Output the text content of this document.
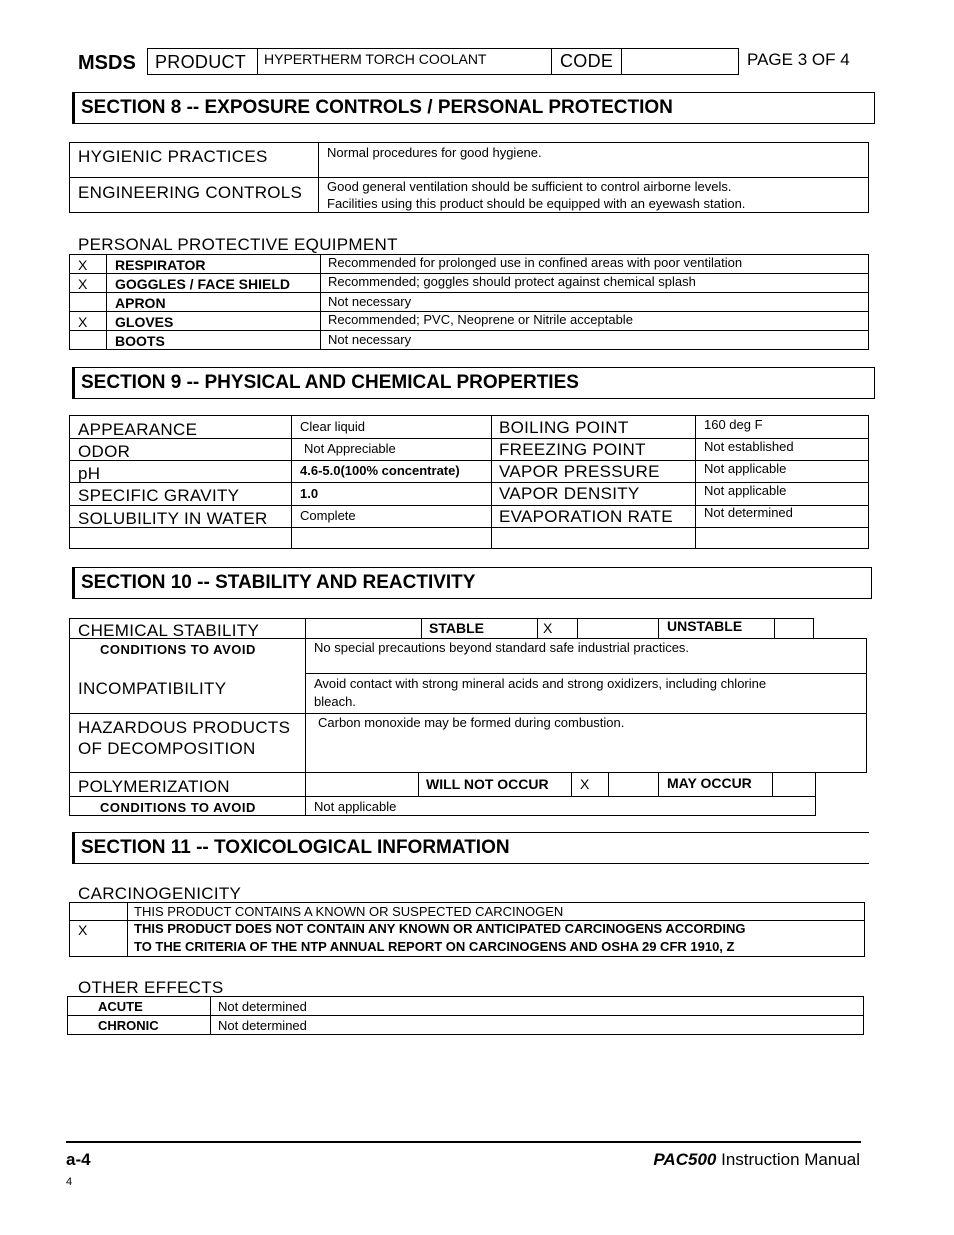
MSDS PRODUCT HYPERTHERM TORCH COOLANT	CODE	PAGE 3 OF 4
SECTION 8 -- EXPOSURE CONTROLS / PERSONAL PROTECTION
HYGIENIC PRACTICES	Normal procedures for good hygiene.
ENGINEERING CONTROLS Good general ventilation should be sufficient to control airborne levels.
Facilities using this product should be equipped with an eyewash station.
PERSONAL PROTECTIVE EQUIPMENT
X RESPIRATOR	Recommended for prolonged use in confined areas with poor ventilation
X GOGGLES / FACE SHIELD	Recommended; goggles should protect against chemical splash
APRON	Not necessary
X GLOVES	Recommended; PVC, Neoprene or Nitrile acceptable
BOOTS	Not necessary
SECTION 9 -- PHYSICAL AND CHEMICAL PROPERTIES
APPEARANCE	Clear liquid	BOILING POINT	160 deg F
ODOR	Not Appreciable	FREEZING POINT	Not established
pH	4.6-5.0(100% concentrate) VAPOR PRESSURE	Not applicable
SPECIFIC GRAVITY	1.0	VAPOR DENSITY	Not applicable
SOLUBILITY IN WATER Complete	EVAPORATION RATE Not determined
SECTION 10 -- STABILITY AND REACTIVITY
CHEMICAL STABILITY	STABLE	X	UNSTABLE
CONDITIONS TO AVOID	No special precautions beyond standard safe industrial practices.
INCOMPATIBILITY	Avoid contact with strong mineral acids and strong oxidizers, including chlorine
bleach.
HAZARDOUS PRODUCTS
OF DECOMPOSITION
Carbon monoxide may be formed during combustion.
POLYMERIZATION	WILL NOT OCCUR X	MAY OCCUR
CONDITIONS TO AVOID	Not applicable
SECTION 11 -- TOXICOLOGICAL INFORMATION
CARCINOGENICITY
THIS PRODUCT CONTAINS A KNOWN OR SUSPECTED CARCINOGEN
X	THIS PRODUCT DOES NOT CONTAIN ANY KNOWN OR ANTICIPATED CARCINOGENS ACCORDING
TO THE CRITERIA OF THE NTP ANNUAL REPORT ON CARCINOGENS AND OSHA 29 CFR 1910, Z
OTHER EFFECTS
ACUTE	Not determined
CHRONIC	Not determined
a-4	PAC500 Instruction Manual
4
